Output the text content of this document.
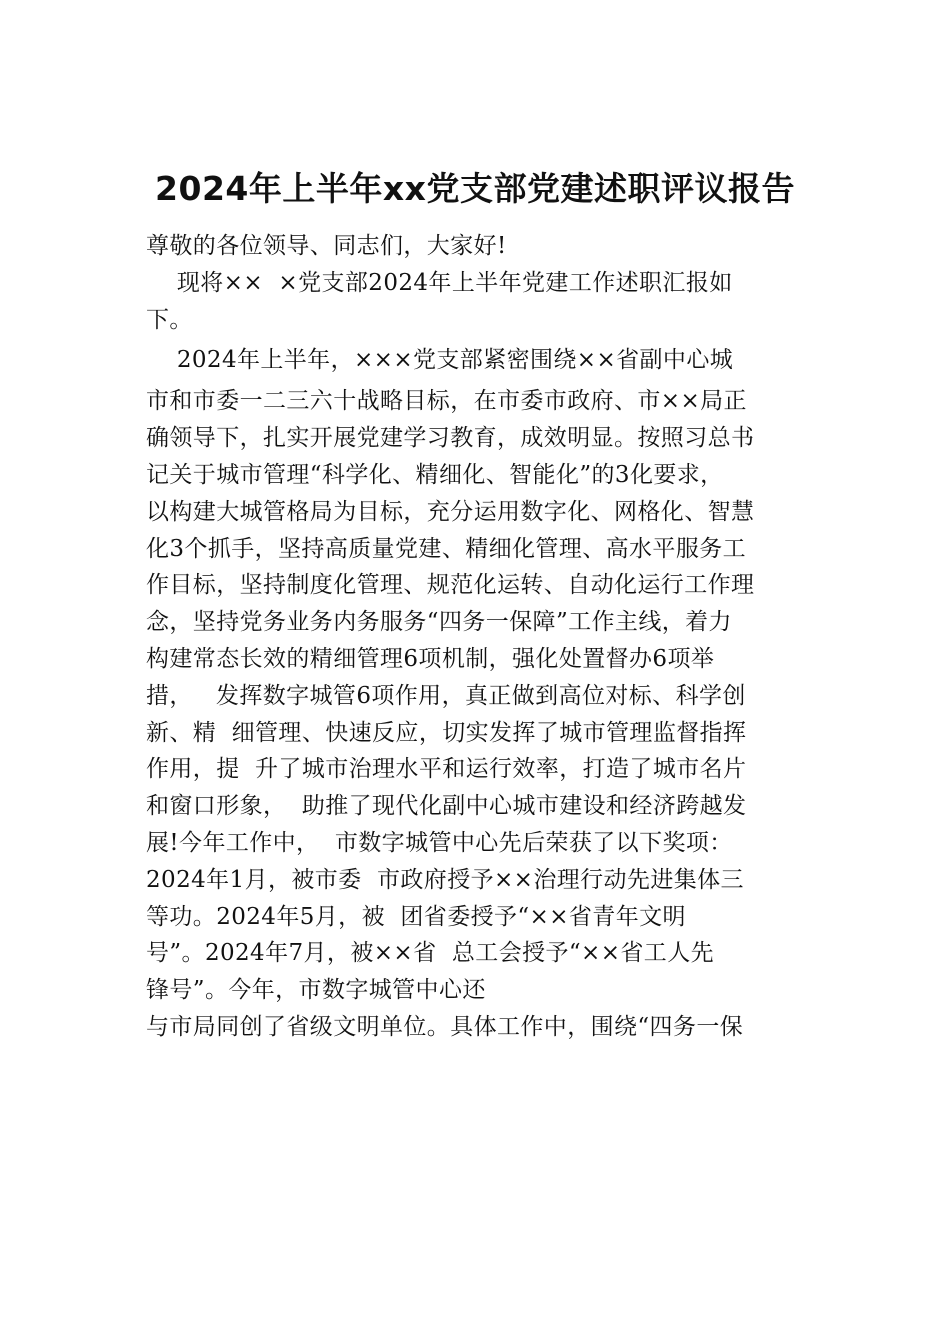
2024年上半年xx党支部党建述职评议报告
尊敬的各位领导、同志们，大家好!
现将××  ×党支部2024年上半年党建工作述职汇报如
下。
2024年上半年，×××党支部紧密围绕××省副中心城
市和市委一二三六十战略目标，在市委市政府、市××局正
确领导下，扎实开展党建学习教育，成效明显。按照习总书
记关于城市管理“科学化、精细化、智能化”的3化要求，
以构建大城管格局为目标，充分运用数字化、网格化、智慧
化3个抓手，坚持高质量党建、精细化管理、高水平服务工
作目标，坚持制度化管理、规范化运转、自动化运行工作理
念，坚持党务业务内务服务“四务一保障”工作主线，着力
构建常态长效的精细管理6项机制，强化处置督办6项举
措，   发挥数字城管6项作用，真正做到高位对标、科学创
新、精  细管理、快速反应，切实发挥了城市管理监督指挥
作用，提  升了城市治理水平和运行效率，打造了城市名片
和窗口形象，  助推了现代化副中心城市建设和经济跨越发
展!今年工作中，  市数字城管中心先后荣获了以下奖项：
2024年1月，被市委  市政府授予××治理行动先进集体三
等功。2024年5月，被  团省委授予“××省青年文明
号”。2024年7月，被××省  总工会授予“××省工人先
锋号”。今年，市数字城管中心还
与市局同创了省级文明单位。具体工作中，围绕“四务一保
